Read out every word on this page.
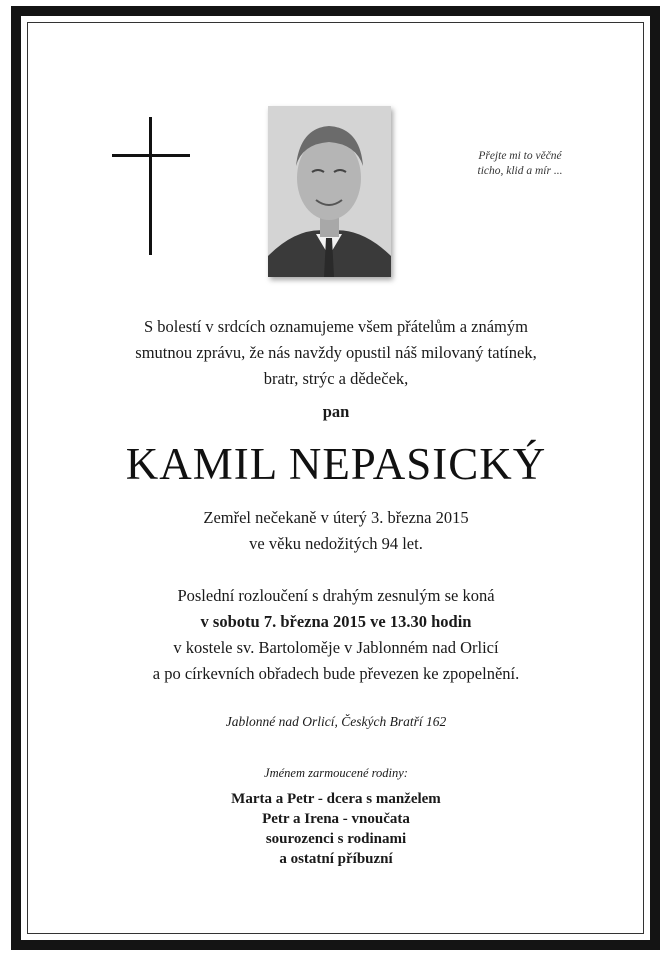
Přejte mi to věčné
ticho, klid a mír ...
S bolestí v srdcích oznamujeme všem přátelům a známým
smutnou zprávu, že nás navždy opustil náš milovaný tatínek,
bratr, strýc a dědeček,
pan
KAMIL NEPASICKÝ
Zemřel nečekaně v úterý 3. března 2015
ve věku nedožitých 94 let.
Poslední rozloučení s drahým zesnulým se koná
v sobotu 7. března 2015 ve 13.30 hodin
v kostele sv. Bartoloměje v Jablonném nad Orlicí
a po církevních obřadech bude převezen ke zpopelnění.
Jablonné nad Orlicí, Českých Bratří 162
Jménem zarmoucené rodiny:
Marta a Petr - dcera s manželem
Petr a Irena - vnoučata
sourozenci s rodinami
a ostatní příbuzní
